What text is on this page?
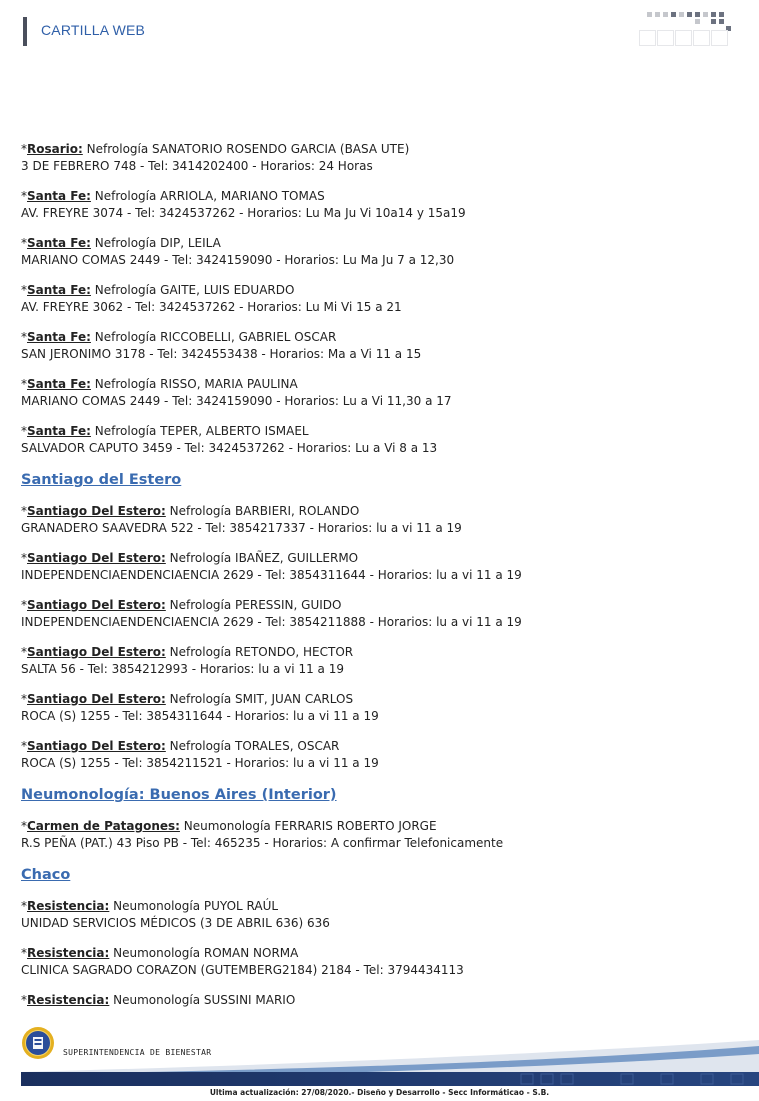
CARTILLA WEB
*Rosario: Nefrología SANATORIO ROSENDO GARCIA (BASA UTE)
3 DE FEBRERO 748 - Tel: 3414202400 - Horarios: 24 Horas
*Santa Fe: Nefrología ARRIOLA, MARIANO TOMAS
AV. FREYRE 3074 - Tel: 3424537262 - Horarios: Lu Ma Ju Vi 10a14 y 15a19
*Santa Fe: Nefrología DIP, LEILA
MARIANO COMAS 2449 - Tel: 3424159090 - Horarios: Lu Ma Ju 7 a 12,30
*Santa Fe: Nefrología GAITE, LUIS EDUARDO
AV. FREYRE 3062 - Tel: 3424537262 - Horarios: Lu Mi Vi 15 a 21
*Santa Fe: Nefrología RICCOBELLI, GABRIEL OSCAR
SAN JERONIMO 3178 - Tel: 3424553438 - Horarios: Ma a Vi 11 a 15
*Santa Fe: Nefrología RISSO, MARIA PAULINA
MARIANO COMAS 2449 - Tel: 3424159090 - Horarios: Lu a Vi 11,30 a 17
*Santa Fe: Nefrología TEPER, ALBERTO ISMAEL
SALVADOR CAPUTO 3459 - Tel: 3424537262 - Horarios: Lu a Vi 8 a 13
Santiago del Estero
*Santiago Del Estero: Nefrología BARBIERI, ROLANDO
GRANADERO SAAVEDRA 522 - Tel: 3854217337 - Horarios: lu a vi 11 a 19
*Santiago Del Estero: Nefrología IBAÑEZ, GUILLERMO
INDEPENDENCIAENDENCIAENCIA 2629 - Tel: 3854311644 - Horarios: lu a vi 11 a 19
*Santiago Del Estero: Nefrología PERESSIN, GUIDO
INDEPENDENCIAENDENCIAENCIA 2629 - Tel: 3854211888 - Horarios: lu a vi 11 a 19
*Santiago Del Estero: Nefrología RETONDO, HECTOR
SALTA 56 - Tel: 3854212993 - Horarios: lu a vi 11 a 19
*Santiago Del Estero: Nefrología SMIT, JUAN CARLOS
ROCA (S) 1255 - Tel: 3854311644 - Horarios: lu a vi 11 a 19
*Santiago Del Estero: Nefrología TORALES, OSCAR
ROCA (S) 1255 - Tel: 3854211521 - Horarios: lu a vi 11 a 19
Neumonología: Buenos Aires (Interior)
*Carmen de Patagones: Neumonología FERRARIS ROBERTO JORGE
R.S PEÑA (PAT.) 43 Piso PB - Tel: 465235 - Horarios: A confirmar Telefonicamente
Chaco
*Resistencia: Neumonología PUYOL RAÚL
UNIDAD SERVICIOS MÉDICOS (3 DE ABRIL 636) 636
*Resistencia: Neumonología ROMAN NORMA
CLINICA SAGRADO CORAZON (GUTEMBERG2184) 2184 - Tel: 3794434113
*Resistencia: Neumonología SUSSINI MARIO
SUPERINTENDENCIA DE BIENESTAR
Ultima actualización: 27/08/2020.- Diseño y Desarrollo - Secc Informáticao - S.B.
